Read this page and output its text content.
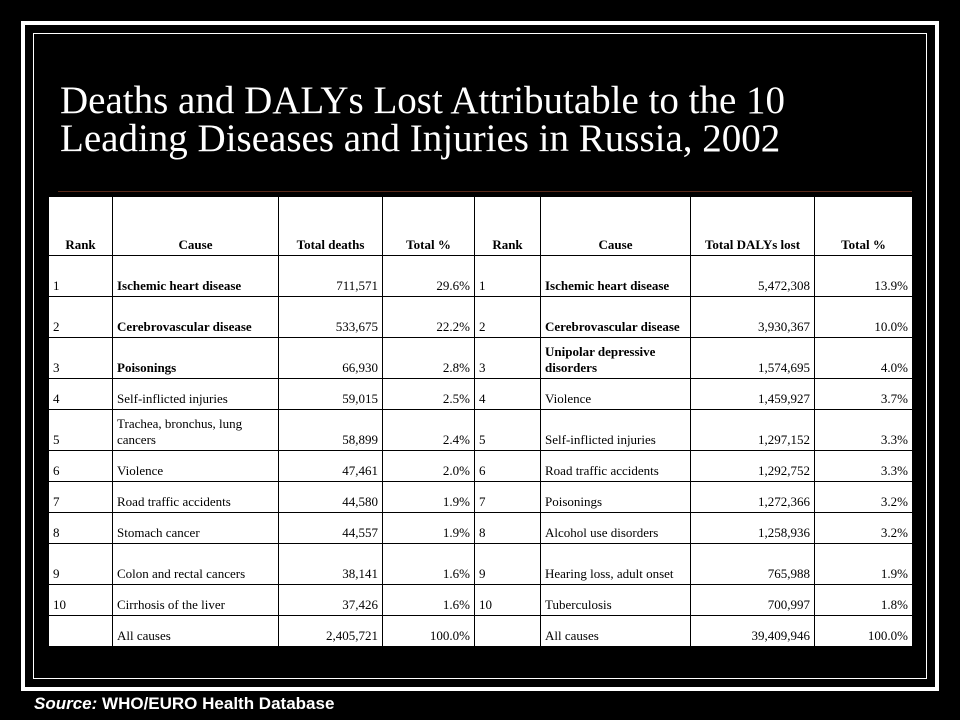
Deaths and DALYs Lost Attributable to the 10
Leading Diseases and Injuries in Russia, 2002
Rank	Cause	Total deaths	Total %	Rank	Cause	Total DALYs lost	Total %
1	Ischemic heart disease	711,571	29.6%	1	Ischemic heart disease	5,472,308	13.9%
2	Cerebrovascular disease	533,675	22.2%	2	Cerebrovascular disease	3,930,367	10.0%
3	Poisonings	66,930	2.8%	3	Unipolar depressive disorders	1,574,695	4.0%
4	Self-inflicted injuries	59,015	2.5%	4	Violence	1,459,927	3.7%
5	Trachea, bronchus, lung cancers	58,899	2.4%	5	Self-inflicted injuries	1,297,152	3.3%
6	Violence	47,461	2.0%	6	Road traffic accidents	1,292,752	3.3%
7	Road traffic accidents	44,580	1.9%	7	Poisonings	1,272,366	3.2%
8	Stomach cancer	44,557	1.9%	8	Alcohol use disorders	1,258,936	3.2%
9	Colon and rectal cancers	38,141	1.6%	9	Hearing loss, adult onset	765,988	1.9%
10	Cirrhosis of the liver	37,426	1.6%	10	Tuberculosis	700,997	1.8%
	All causes	2,405,721	100.0%		All causes	39,409,946	100.0%
Source: WHO/EURO Health Database
